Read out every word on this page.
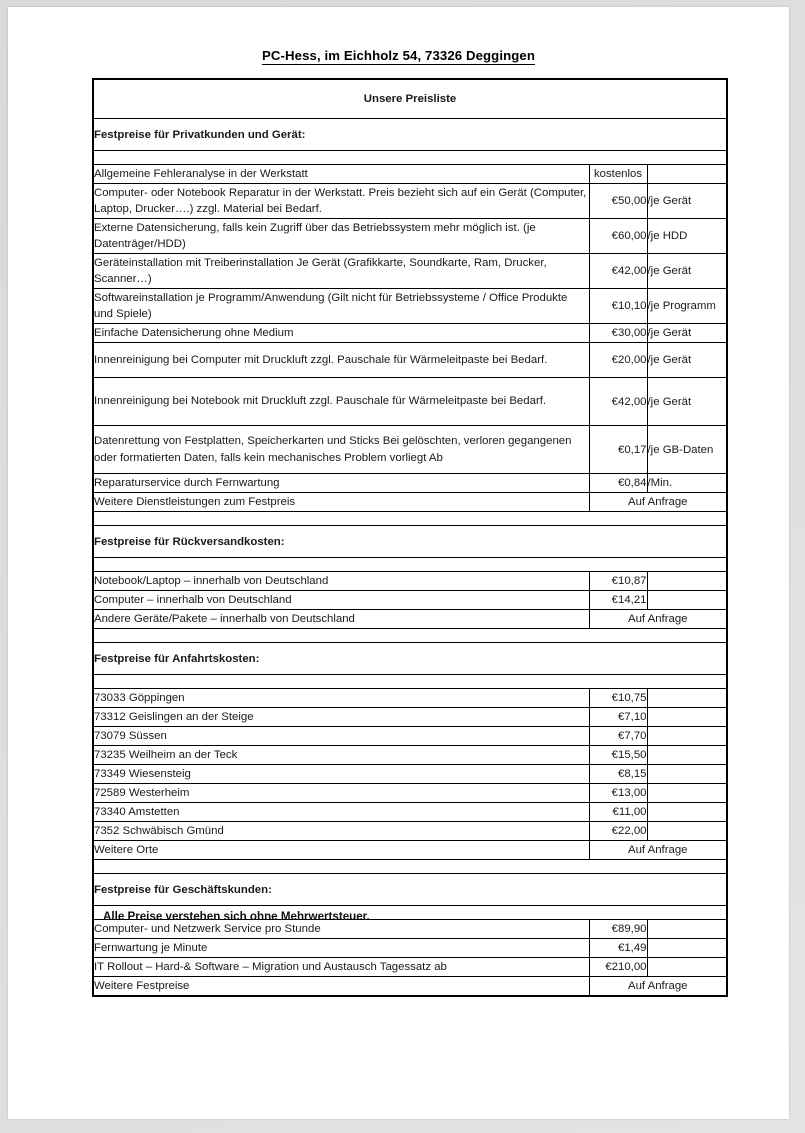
PC-Hess, im Eichholz 54, 73326 Deggingen
Unsere Preisliste		
Festpreise für Privatkunden und Gerät:		

Allgemeine Fehleranalyse in der Werkstatt	kostenlos	
Computer- oder Notebook Reparatur in der Werkstatt. Preis bezieht sich auf ein Gerät (Computer, Laptop, Drucker….) zzgl. Material bei Bedarf.	€50,00	/je Gerät
Externe Datensicherung, falls kein Zugriff über das Betriebssystem mehr möglich ist. (je Datenträger/HDD)	€60,00	/je HDD
Geräteinstallation mit Treiberinstallation Je Gerät (Grafikkarte, Soundkarte, Ram, Drucker, Scanner…)	€42,00	/je Gerät
Softwareinstallation je Programm/Anwendung (Gilt nicht für Betriebssysteme / Office Produkte und Spiele)	€10,10	/je Programm
Einfache Datensicherung ohne Medium	€30,00	/je Gerät
Innenreinigung bei Computer mit Druckluft zzgl. Pauschale für Wärmeleitpaste bei Bedarf.	€20,00	/je Gerät
Innenreinigung bei Notebook mit Druckluft zzgl. Pauschale für Wärmeleitpaste bei Bedarf.	€42,00	/je Gerät
Datenrettung von Festplatten, Speicherkarten und Sticks Bei gelöschten, verloren gegangenen oder formatierten Daten, falls kein mechanisches Problem vorliegt Ab	€0,17	/je GB-Daten
Reparaturservice durch Fernwartung	€0,84	/Min.
Weitere Dienstleistungen zum Festpreis	Auf Anfrage	

Festpreise für Rückversandkosten:		

Notebook/Laptop – innerhalb von Deutschland	€10,87	
Computer – innerhalb von Deutschland	€14,21	
Andere Geräte/Pakete – innerhalb von Deutschland	Auf Anfrage	

Festpreise für Anfahrtskosten:		

73033 Göppingen	€10,75	
73312 Geislingen an der Steige	€7,10	
73079 Süssen	€7,70	
73235 Weilheim an der Teck	€15,50	
73349 Wiesensteig	€8,15	
72589 Westerheim	€13,00	
73340 Amstetten	€11,00	
7352 Schwäbisch Gmünd	€22,00	
Weitere Orte	Auf Anfrage	

Festpreise für Geschäftskunden:		

Computer- und Netzwerk Service pro Stunde	€89,90	
Fernwartung je Minute	€1,49	
IT Rollout – Hard-& Software – Migration und Austausch Tagessatz ab	€210,00	
Weitere Festpreise	Auf Anfrage	
Alle Preise verstehen sich ohne Mehrwertsteuer.
